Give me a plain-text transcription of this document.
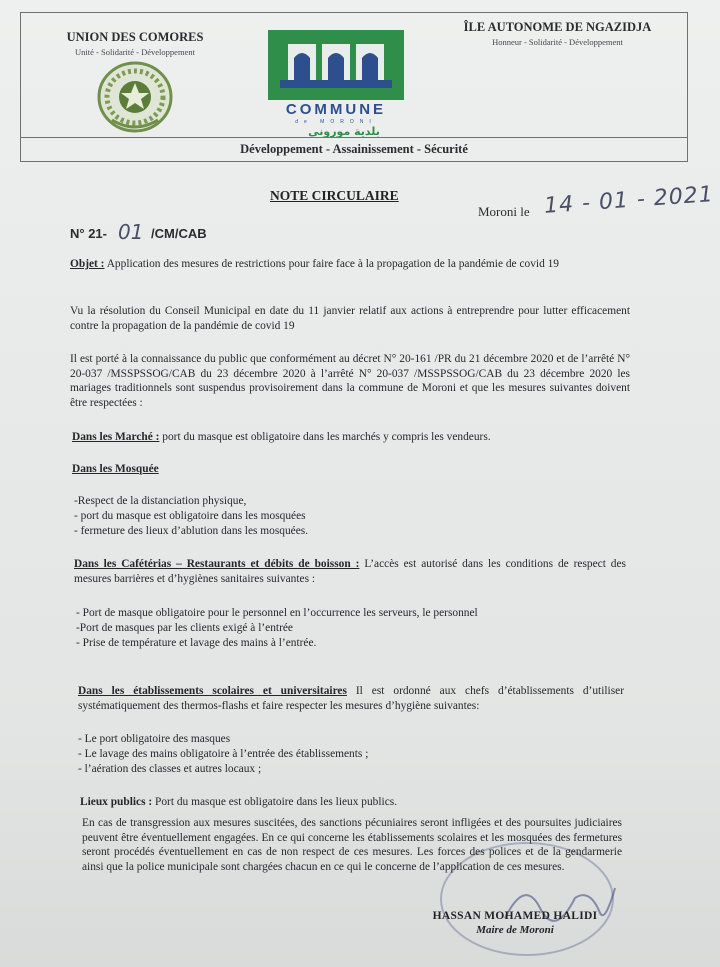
UNION DES COMORES
Unité - Solidarité - Développement
COMMUNE
de MORONI
بلدية موروني
ÎLE AUTONOME DE NGAZIDJA
Honneur - Solidarité - Développement
Développement - Assainissement - Sécurité
NOTE CIRCULAIRE
Moroni le 14 - 01 - 2021
N° 21- 01 /CM/CAB
Objet : Application des mesures de restrictions pour faire face à la propagation de la pandémie de covid 19
Vu la résolution du Conseil Municipal en date du 11 janvier relatif aux actions à entreprendre pour lutter efficacement contre la propagation de la pandémie de covid 19
Il est porté à la connaissance du public que conformément au décret N° 20-161 /PR du 21 décembre 2020 et de l’arrêté N° 20-037 /MSSPSSOG/CAB du 23 décembre 2020 à l’arrêté N° 20-037 /MSSPSSOG/CAB du 23 décembre 2020 les mariages traditionnels sont suspendus provisoirement dans la commune de Moroni et que les mesures suivantes doivent être respectées :
Dans les Marché : port du masque est obligatoire dans les marchés y compris les vendeurs.
Dans les Mosquée
-Respect de la distanciation physique,
- port du masque est obligatoire dans les mosquées
- fermeture des lieux d’ablution dans les mosquées.
Dans les Cafétérias – Restaurants et débits de boisson : L’accès est autorisé dans les conditions de respect des mesures barrières et d’hygiènes sanitaires suivantes :
- Port de masque obligatoire pour le personnel en l’occurrence les serveurs, le personnel
-Port de masques par les clients exigé à l’entrée
- Prise de température et lavage des mains à l’entrée.
Dans les établissements scolaires et universitaires Il est ordonné aux chefs d’établissements d’utiliser systématiquement des thermos-flashs et faire respecter les mesures d’hygiène suivantes:
- Le port obligatoire des masques
- Le lavage des mains obligatoire à l’entrée des établissements ;
- l’aération des classes et autres locaux ;
Lieux publics : Port du masque est obligatoire dans les lieux publics.
En cas de transgression aux mesures suscitées, des sanctions pécuniaires seront infligées et des poursuites judiciaires peuvent être éventuellement engagées. En ce qui concerne les établissements scolaires et les mosquées des fermetures seront procédés éventuellement en cas de non respect de ces mesures. Les forces des polices et de la gendarmerie ainsi que la police municipale sont chargées chacun en ce qui le concerne de l’application de ces mesures.
HASSAN MOHAMED HALIDI
Maire de Moroni
